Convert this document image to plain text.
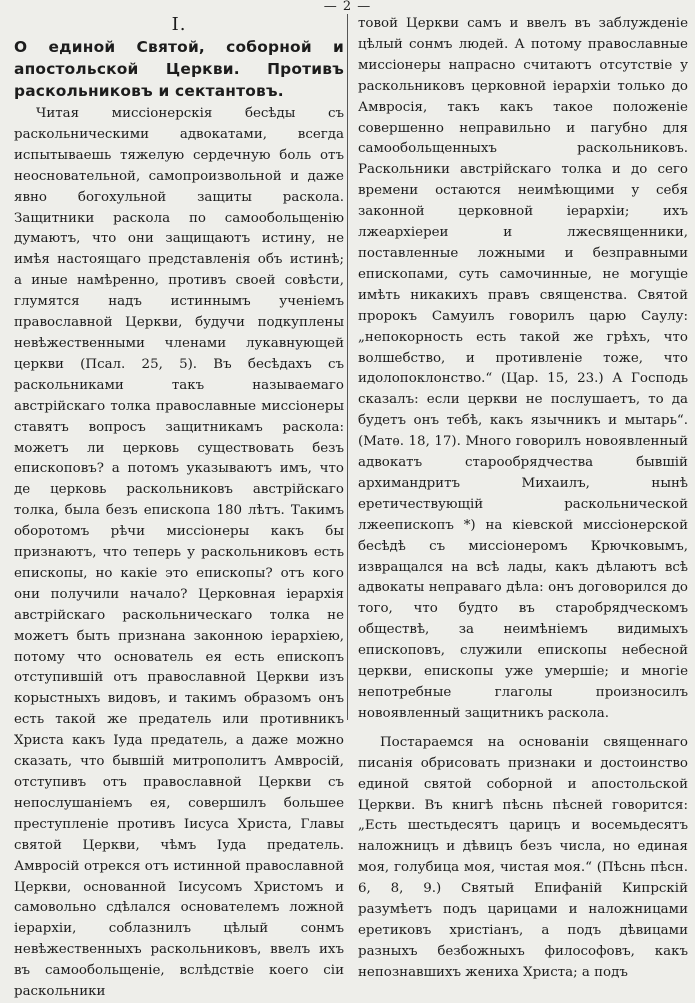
— 2 —

I.

О единой Святой, соборной и апостольской Церкви. Противъ раскольниковъ и сектантовъ.

Читая миссіонерскія бесѣды съ раскольническими адвокатами, всегда испытываешь тяжелую сердечную боль отъ неосновательной, самопроизвольной и даже явно богохульной защиты раскола. Защитники раскола по самообольщенію думаютъ, что они защищаютъ истину, не имѣя настоящаго представленія объ истинѣ; а иные намѣренно, противъ своей совѣсти, глумятся надъ истиннымъ ученіемъ православной Церкви, будучи подкуплены невѣжественными членами лукавнующей церкви (Псал. 25, 5). Въ бесѣдахъ съ раскольниками такъ называемаго австрійскаго толка православные миссіонеры ставятъ вопросъ защитникамъ раскола: можетъ ли церковь существовать безъ епископовъ? а потомъ указываютъ имъ, что де церковь раскольниковъ австрійскаго толка, была безъ епископа 180 лѣтъ. Такимъ оборотомъ рѣчи миссіонеры какъ бы признаютъ, что теперь у раскольниковъ есть епископы, но какіе это епископы? отъ кого они получили начало? Церковная іерархія австрійскаго раскольническаго толка не можетъ быть признана законною іерархіею, потому что основатель ея есть епископъ отступившій отъ православной Церкви изъ корыстныхъ видовъ, и такимъ образомъ онъ есть такой же предатель или противникъ Христа какъ Іуда предатель, а даже можно сказать, что бывшій митрополитъ Амвросій, отступивъ отъ православной Церкви съ непослушаніемъ ея, совершилъ большее преступленіе противъ Іисуса Христа, Главы святой Церкви, чѣмъ Іуда предатель. Амвросій отрекся отъ истинной православной Церкви, основанной Іисусомъ Христомъ и самовольно сдѣлался основателемъ ложной іерархіи, соблазнилъ цѣлый сонмъ невѣжественныхъ раскольниковъ, ввелъ ихъ въ самообольщеніе, вслѣдствіе коего сіи раскольники

товой Церкви самъ и ввелъ въ заблужденіе цѣлый сонмъ людей. А потому православные миссіонеры напрасно считаютъ отсутствіе у раскольниковъ церковной іерархіи только до Амвросія, такъ какъ такое положеніе совершенно неправильно и пагубно для самообольщенныхъ раскольниковъ. Раскольники австрійскаго толка и до сего времени остаются неимѣющими у себя законной церковной іерархіи; ихъ лжеархіереи и лжесвященники, поставленные ложными и безправными епископами, суть самочинные, не могущіе имѣть никакихъ правъ священства. Святой пророкъ Самуилъ говорилъ царю Саулу: „непокорность есть такой же грѣхъ, что волшебство, и противленіе тоже, что идолопоклонство.“ (Цар. 15, 23.) А Господь сказалъ: если церкви не послушаетъ, то да будетъ онъ тебѣ, какъ язычникъ и мытарь“. (Матѳ. 18, 17). Много говорилъ новоявленный адвокатъ старообрядчества бывшій архимандритъ Михаилъ, нынѣ еретичествующій раскольнической лжеепископъ *) на кіевской миссіонерской бесѣдѣ съ миссіонеромъ Крючковымъ, извращался на всѣ лады, какъ дѣлаютъ всѣ адвокаты неправаго дѣла: онъ договорился до того, что будто въ старобрядческомъ обществѣ, за неимѣніемъ видимыхъ епископовъ, служили епископы небесной церкви, епископы уже умершіе; и многіе непотребные глаголы произносилъ новоявленный защитникъ раскола.

Постараемся на основаніи священнаго писанія обрисовать признаки и достоинство единой святой соборной и апостольской Церкви. Въ книгѣ пѣснь пѣсней говорится: „Есть шестьдесятъ царицъ и восемьдесятъ наложницъ и дѣвицъ безъ числа, но единая моя, голубица моя, чистая моя.“ (Пѣснь пѣсн. 6, 8, 9.) Святый Епифаній Кипрскій разумѣетъ подъ царицами и наложницами еретиковъ христіанъ, а подъ дѣвицами разныхъ безбожныхъ философовъ, какъ непознавшихъ жениха Христа; а подъ
